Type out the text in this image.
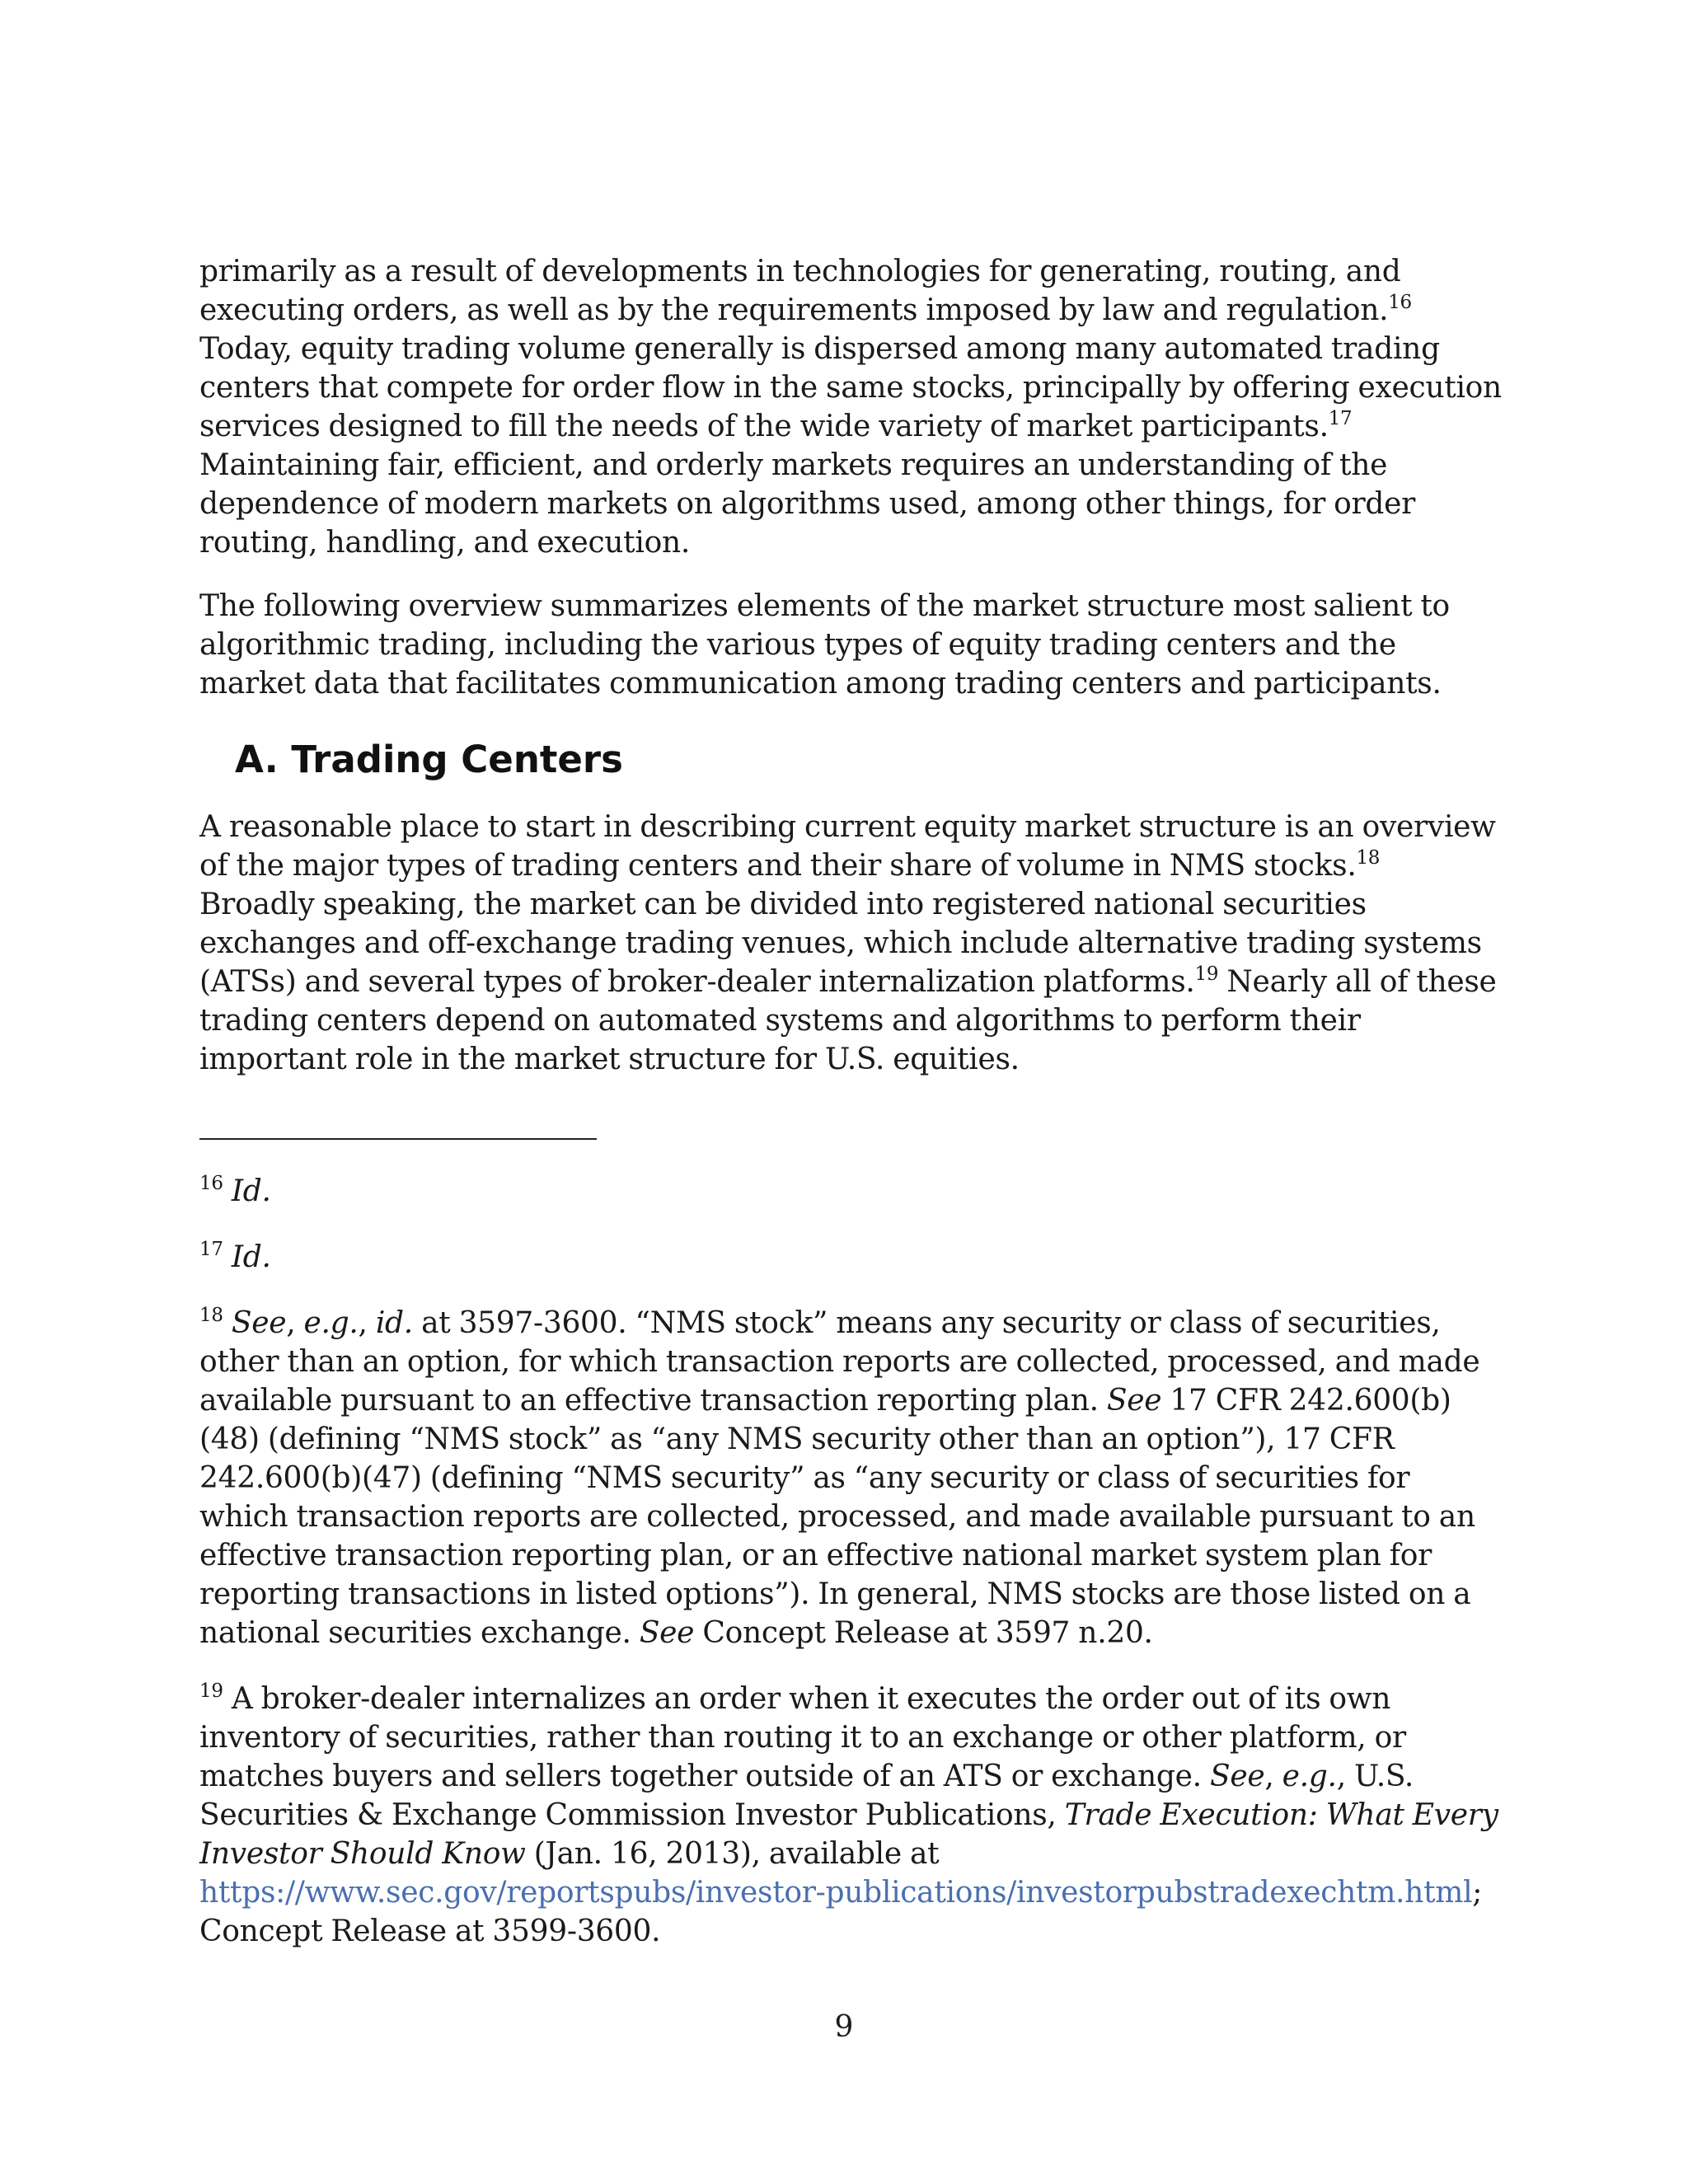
primarily as a result of developments in technologies for generating, routing, and executing orders, as well as by the requirements imposed by law and regulation.$^{16}$ Today, equity trading volume generally is dispersed among many automated trading centers that compete for order flow in the same stocks, principally by offering execution services designed to fill the needs of the wide variety of market participants.$^{17}$ Maintaining fair, efficient, and orderly markets requires an understanding of the dependence of modern markets on algorithms used, among other things, for order routing, handling, and execution.

The following overview summarizes elements of the market structure most salient to algorithmic trading, including the various types of equity trading centers and the market data that facilitates communication among trading centers and participants.

A. Trading Centers

A reasonable place to start in describing current equity market structure is an overview of the major types of trading centers and their share of volume in NMS stocks.$^{18}$ Broadly speaking, the market can be divided into registered national securities exchanges and off-exchange trading venues, which include alternative trading systems (ATSs) and several types of broker-dealer internalization platforms.$^{19}$ Nearly all of these trading centers depend on automated systems and algorithms to perform their important role in the market structure for U.S. equities.

$^{16}$ Id.

$^{17}$ Id.

$^{18}$ See, e.g., id. at 3597-3600. “NMS stock” means any security or class of securities, other than an option, for which transaction reports are collected, processed, and made available pursuant to an effective transaction reporting plan. See 17 CFR 242.600(b)(48) (defining “NMS stock” as “any NMS security other than an option”), 17 CFR 242.600(b)(47) (defining “NMS security” as “any security or class of securities for which transaction reports are collected, processed, and made available pursuant to an effective transaction reporting plan, or an effective national market system plan for reporting transactions in listed options”). In general, NMS stocks are those listed on a national securities exchange. See Concept Release at 3597 n.20.

$^{19}$ A broker-dealer internalizes an order when it executes the order out of its own inventory of securities, rather than routing it to an exchange or other platform, or matches buyers and sellers together outside of an ATS or exchange. See, e.g., U.S. Securities & Exchange Commission Investor Publications, Trade Execution: What Every Investor Should Know (Jan. 16, 2013), available at https://www.sec.gov/reportspubs/investor-publications/investorpubstradexechtm.html; Concept Release at 3599-3600.

9
